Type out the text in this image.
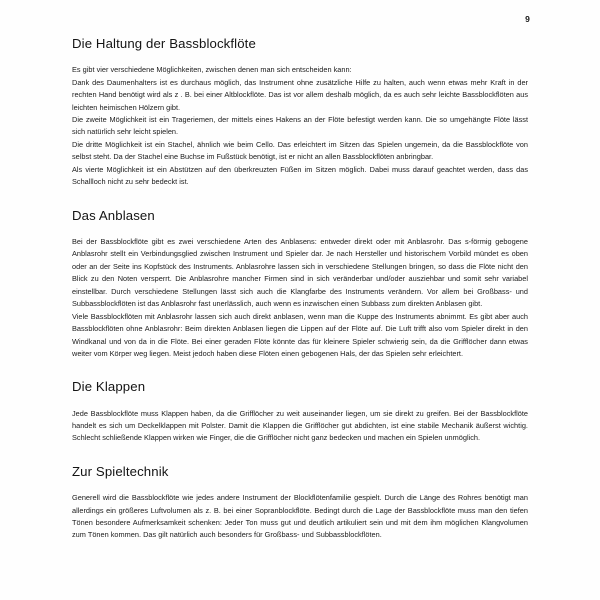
9
Die Haltung der Bassblockflöte

Es gibt vier verschiedene Möglichkeiten, zwischen denen man sich entscheiden kann:

Dank des Daumenhalters ist es durchaus möglich, das Instrument ohne zusätzliche Hilfe zu halten, auch wenn etwas mehr Kraft in der rechten Hand benötigt wird als z . B. bei einer Altblockflöte. Das ist vor allem deshalb möglich, da es auch sehr leichte Bassblockflöten aus leichten heimischen Hölzern gibt.

Die zweite Möglichkeit ist ein Trageriemen, der mittels eines Hakens an der Flöte befestigt werden kann. Die so umgehängte Flöte lässt sich natürlich sehr leicht spielen.

Die dritte Möglichkeit ist ein Stachel, ähnlich wie beim Cello. Das erleichtert im Sitzen das Spielen ungemein, da die Bassblockflöte von selbst steht. Da der Stachel eine Buchse im Fußstück benötigt, ist er nicht an allen Bassblockflöten anbringbar.

Als vierte Möglichkeit ist ein Abstützen auf den überkreuzten Füßen im Sitzen möglich. Dabei muss darauf geachtet werden, dass das Schallloch nicht zu sehr bedeckt ist.

Das Anblasen

Bei der Bassblockflöte gibt es zwei verschiedene Arten des Anblasens: entweder direkt oder mit Anblasrohr. Das s-förmig gebogene Anblasrohr stellt ein Verbindungsglied zwischen Instrument und Spieler dar. Je nach Hersteller und historischem Vorbild mündet es oben oder an der Seite ins Kopfstück des Instruments. Anblasrohre lassen sich in verschiedene Stellungen bringen, so dass die Flöte nicht den Blick zu den Noten versperrt. Die Anblasrohre mancher Firmen sind in sich veränderbar und/oder ausziehbar und somit sehr variabel einstellbar. Durch verschiedene Stellungen lässt sich auch die Klangfarbe des Instruments verändern. Vor allem bei Großbass- und Subbassblockflöten ist das Anblasrohr fast unerlässlich, auch wenn es inzwischen einen Subbass zum direkten Anblasen gibt.

Viele Bassblockflöten mit Anblasrohr lassen sich auch direkt anblasen, wenn man die Kuppe des Instruments abnimmt. Es gibt aber auch Bassblockflöten ohne Anblasrohr: Beim direkten Anblasen liegen die Lippen auf der Flöte auf. Die Luft trifft also vom Spieler direkt in den Windkanal und von da in die Flöte. Bei einer geraden Flöte könnte das für kleinere Spieler schwierig sein, da die Grifflöcher dann etwas weiter vom Körper weg liegen. Meist jedoch haben diese Flöten einen gebogenen Hals, der das Spielen sehr erleichtert.

Die Klappen

Jede Bassblockflöte muss Klappen haben, da die Grifflöcher zu weit auseinander liegen, um sie direkt zu greifen. Bei der Bassblockflöte handelt es sich um Deckelklappen mit Polster. Damit die Klappen die Grifflöcher gut abdichten, ist eine stabile Mechanik äußerst wichtig. Schlecht schließende Klappen wirken wie Finger, die die Grifflöcher nicht ganz bedecken und machen ein Spielen unmöglich.

Zur Spieltechnik

Generell wird die Bassblockflöte wie jedes andere Instrument der Blockflötenfamilie gespielt. Durch die Länge des Rohres benötigt man allerdings ein größeres Luftvolumen als z. B. bei einer Sopranblockflöte. Bedingt durch die Lage der Bassblockflöte muss man den tiefen Tönen besondere Aufmerksamkeit schenken: Jeder Ton muss gut und deutlich artikuliert sein und mit dem ihm möglichen Klangvolumen zum Tönen kommen. Das gilt natürlich auch besonders für Großbass- und Subbassblockflöten.
